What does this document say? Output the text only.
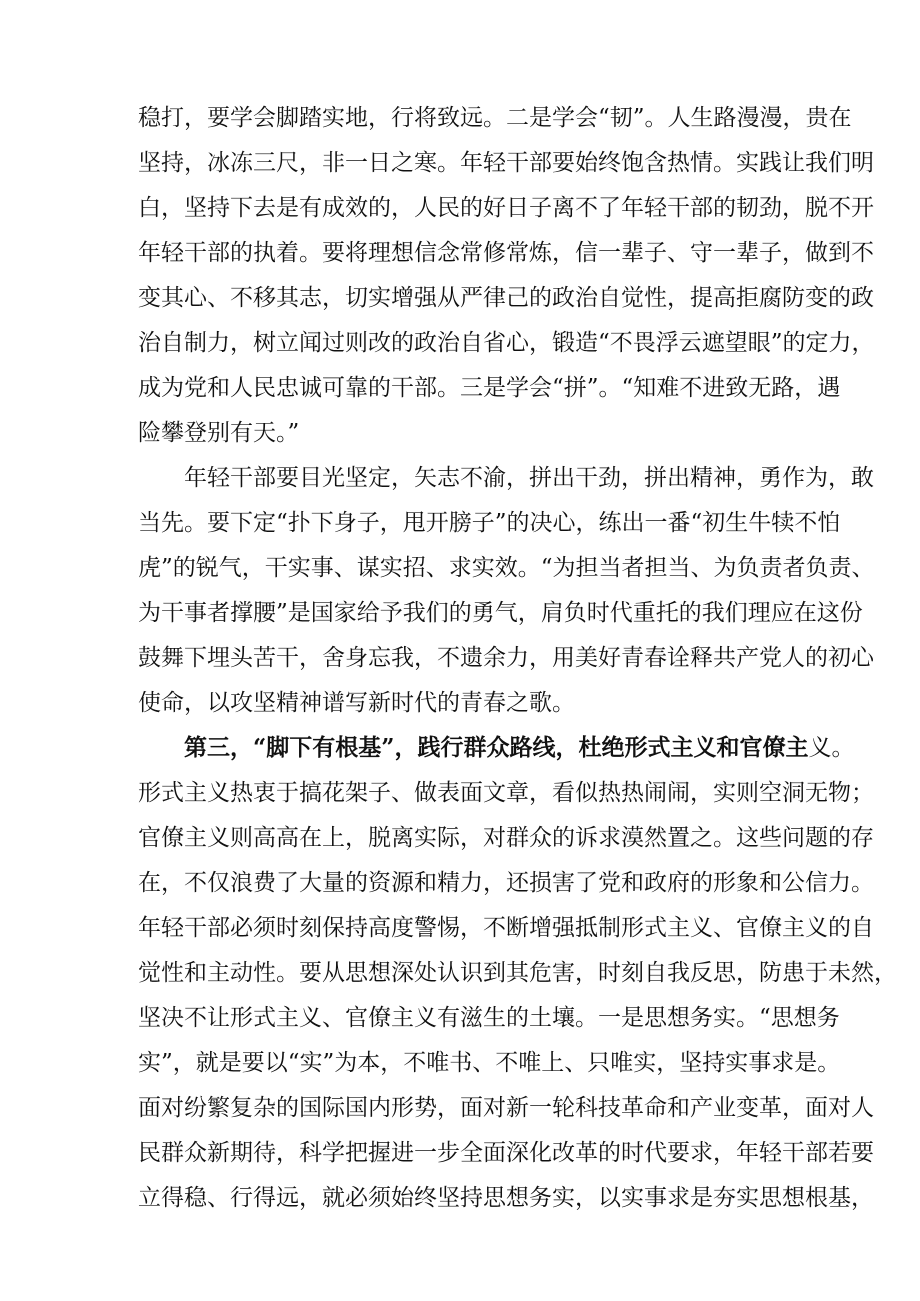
稳打，要学会脚踏实地，行将致远。二是学会“韧”。人生路漫漫，贵在
坚持，冰冻三尺，非一日之寒。年轻干部要始终饱含热情。实践让我们明
白，坚持下去是有成效的，人民的好日子离不了年轻干部的韧劲，脱不开
年轻干部的执着。要将理想信念常修常炼，信一辈子、守一辈子，做到不
变其心、不移其志，切实增强从严律己的政治自觉性，提高拒腐防变的政
治自制力，树立闻过则改的政治自省心，锻造“不畏浮云遮望眼”的定力，
成为党和人民忠诚可靠的干部。三是学会“拼”。“知难不进致无路，遇
险攀登别有天。”
年轻干部要目光坚定，矢志不渝，拼出干劲，拼出精神，勇作为，敢
当先。要下定“扑下身子，甩开膀子”的决心，练出一番“初生牛犊不怕
虎”的锐气，干实事、谋实招、求实效。“为担当者担当、为负责者负责、
为干事者撑腰”是国家给予我们的勇气，肩负时代重托的我们理应在这份
鼓舞下埋头苦干，舍身忘我，不遗余力，用美好青春诠释共产党人的初心
使命，以攻坚精神谱写新时代的青春之歌。
第三，“脚下有根基”，践行群众路线，杜绝形式主义和官僚主义。
形式主义热衷于搞花架子、做表面文章，看似热热闹闹，实则空洞无物；
官僚主义则高高在上，脱离实际，对群众的诉求漠然置之。这些问题的存
在，不仅浪费了大量的资源和精力，还损害了党和政府的形象和公信力。
年轻干部必须时刻保持高度警惕，不断增强抵制形式主义、官僚主义的自
觉性和主动性。要从思想深处认识到其危害，时刻自我反思，防患于未然，
坚决不让形式主义、官僚主义有滋生的土壤。一是思想务实。“思想务
实”，就是要以“实”为本，不唯书、不唯上、只唯实，坚持实事求是。
面对纷繁复杂的国际国内形势，面对新一轮科技革命和产业变革，面对人
民群众新期待，科学把握进一步全面深化改革的时代要求，年轻干部若要
立得稳、行得远，就必须始终坚持思想务实，以实事求是夯实思想根基，
